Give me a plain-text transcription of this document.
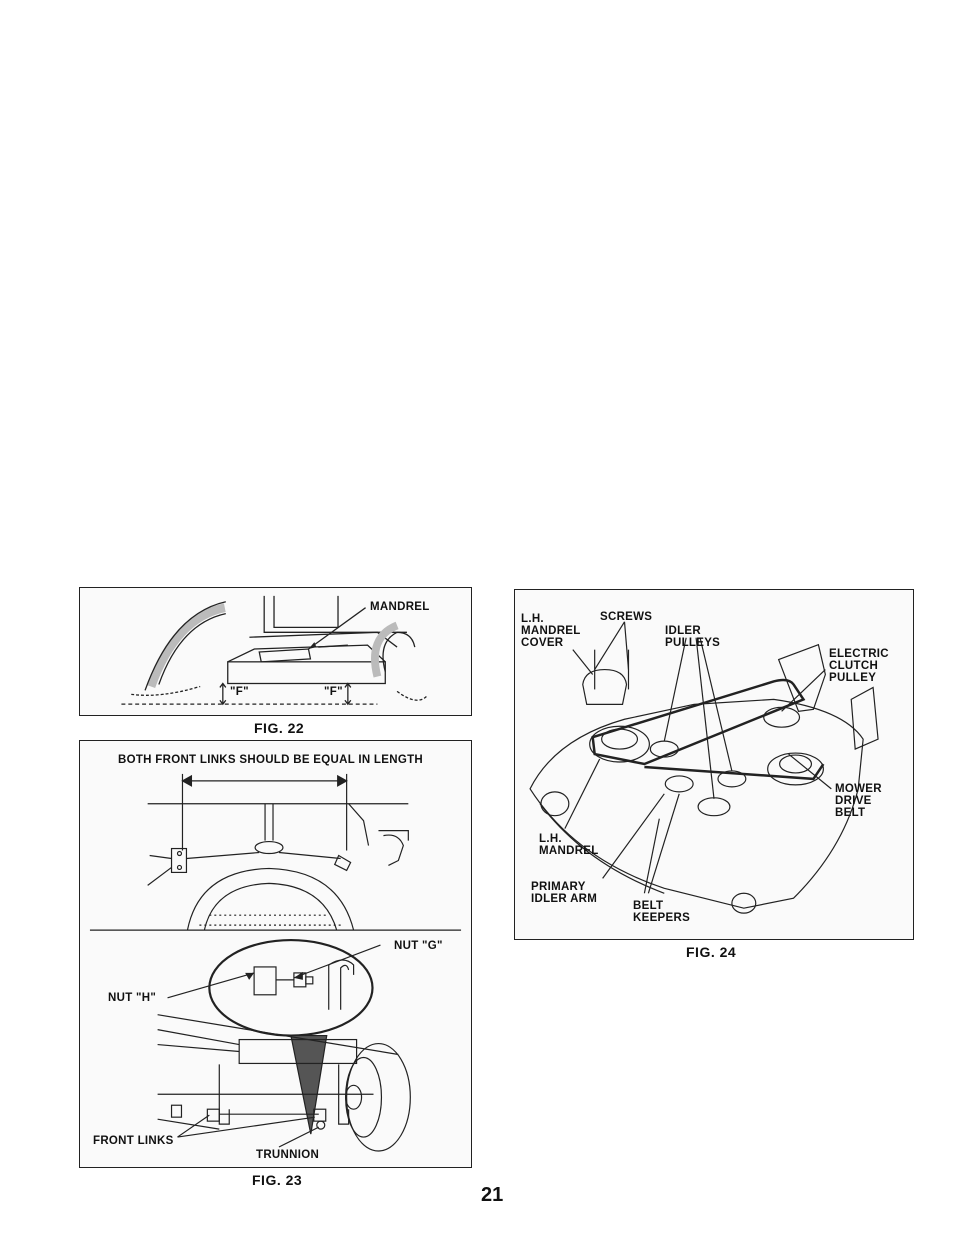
MANDREL
"F"	"F"
FIG. 22
BOTH FRONT LINKS SHOULD BE EQUAL IN LENGTH
NUT "G"
NUT "H"
FRONT LINKS
TRUNNION
FIG. 23
L.H.
MANDREL
COVER
SCREWS
IDLER
PULLEYS
ELECTRIC
CLUTCH
PULLEY
MOWER
DRIVE
BELT
L.H.
MANDREL
PRIMARY
IDLER ARM
BELT
KEEPERS
FIG. 24
21
